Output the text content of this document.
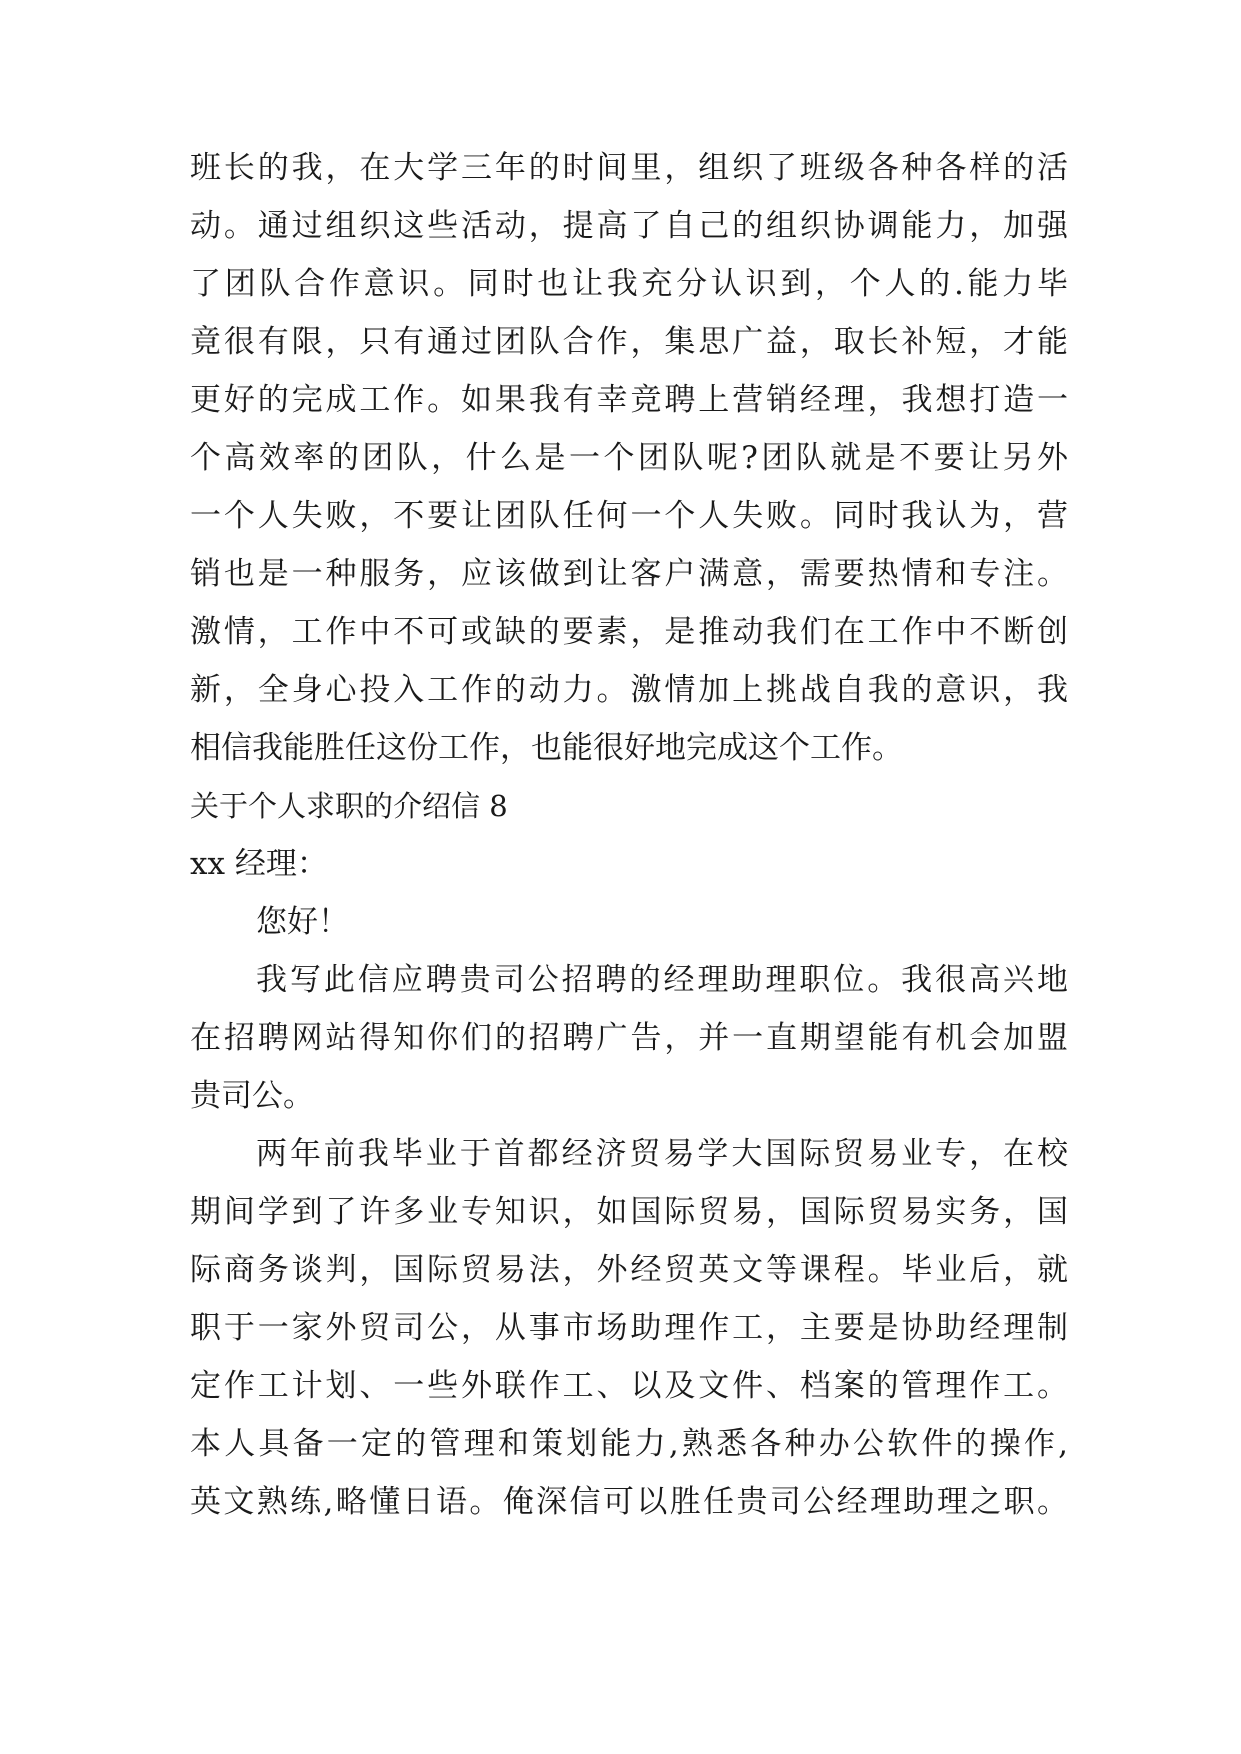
班长的我，在大学三年的时间里，组织了班级各种各样的活
动。通过组织这些活动，提高了自己的组织协调能力，加强
了团队合作意识。同时也让我充分认识到，个人的.能力毕
竟很有限，只有通过团队合作，集思广益，取长补短，才能
更好的完成工作。如果我有幸竞聘上营销经理，我想打造一
个高效率的团队，什么是一个团队呢?团队就是不要让另外
一个人失败，不要让团队任何一个人失败。同时我认为，营
销也是一种服务，应该做到让客户满意，需要热情和专注。
激情，工作中不可或缺的要素，是推动我们在工作中不断创
新，全身心投入工作的动力。激情加上挑战自我的意识，我
相信我能胜任这份工作，也能很好地完成这个工作。
关于个人求职的介绍信 8
xx 经理：
您好！
我写此信应聘贵司公招聘的经理助理职位。我很高兴地
在招聘网站得知你们的招聘广告，并一直期望能有机会加盟
贵司公。
两年前我毕业于首都经济贸易学大国际贸易业专，在校
期间学到了许多业专知识，如国际贸易，国际贸易实务，国
际商务谈判，国际贸易法，外经贸英文等课程。毕业后，就
职于一家外贸司公，从事市场助理作工，主要是协助经理制
定作工计划、一些外联作工、以及文件、档案的管理作工。
本人具备一定的管理和策划能力,熟悉各种办公软件的操作,
英文熟练,略懂日语。俺深信可以胜任贵司公经理助理之职。
